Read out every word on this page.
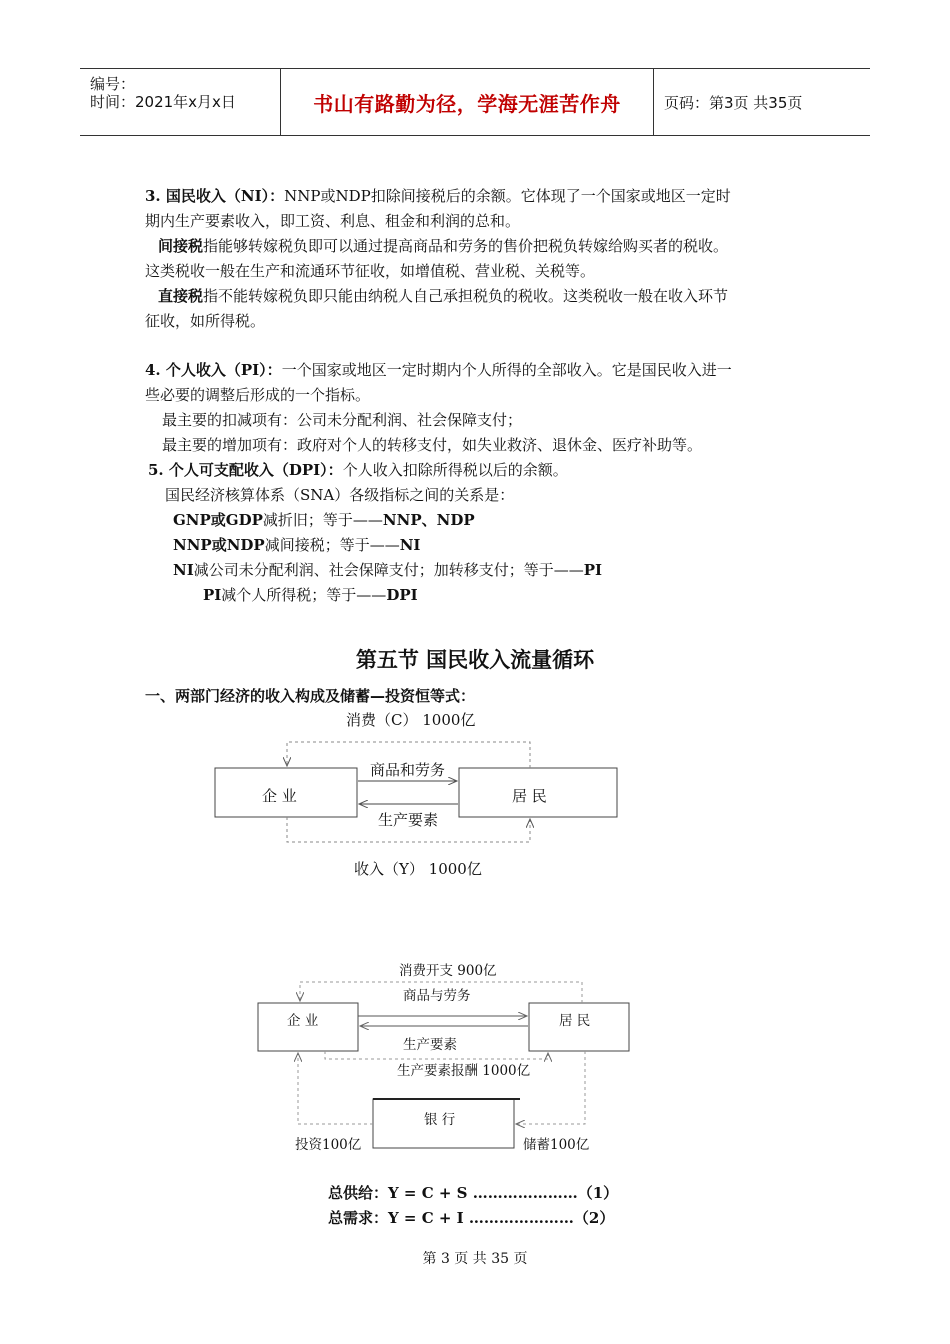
编号：
时间：2021年x月x日	书山有路勤为径，学海无涯苦作舟	页码：第3页 共35页
3. 国民收入（NI）：NNP或NDP扣除间接税后的余额。它体现了一个国家或地区一定时
期内生产要素收入，即工资、利息、租金和利润的总和。
间接税指能够转嫁税负即可以通过提高商品和劳务的售价把税负转嫁给购买者的税收。
这类税收一般在生产和流通环节征收，如增值税、营业税、关税等。
直接税指不能转嫁税负即只能由纳税人自己承担税负的税收。这类税收一般在收入环节
征收，如所得税。
4. 个人收入（PI）：一个国家或地区一定时期内个人所得的全部收入。它是国民收入进一
些必要的调整后形成的一个指标。
最主要的扣减项有：公司未分配利润、社会保障支付；
最主要的增加项有：政府对个人的转移支付，如失业救济、退休金、医疗补助等。
5. 个人可支配收入（DPI）：个人收入扣除所得税以后的余额。
国民经济核算体系（SNA）各级指标之间的关系是：
GNP或GDP减折旧；等于——NNP、NDP
NNP或NDP减间接税；等于——NI
NI减公司未分配利润、社会保障支付；加转移支付；等于——PI
PI减个人所得税；等于——DPI
第五节 国民收入流量循环
一、两部门经济的收入构成及储蓄—投资恒等式：
消费（C） 1000亿
企 业	居 民
商品和劳务
生产要素
收入（Y） 1000亿
消费开支 900亿
商品与劳务
企 业	居 民
生产要素
生产要素报酬 1000亿
银 行
投资100亿	储蓄100亿
总供给：Y = C + S …………………（1）
总需求：Y = C + I …………………（2）
第 3 页 共 35 页
